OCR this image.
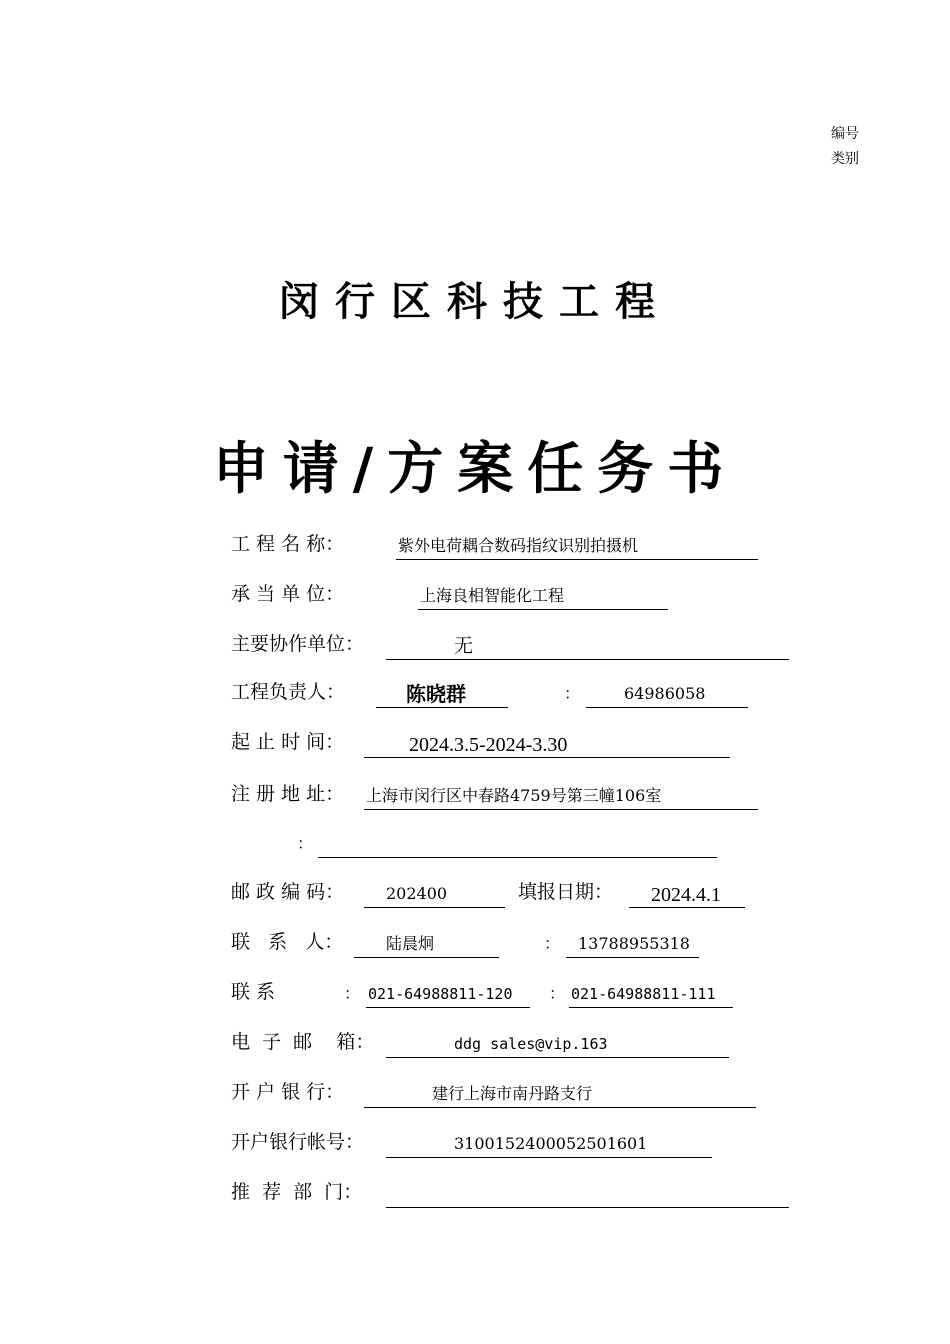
编号
类别
闵行区科技工程
申请/方案任务书
工 程 名 称：	紫外电荷耦合数码指纹识别拍摄机
承 当 单 位：	上海良相智能化工程
主要协作单位：	无
工程负责人：	陈晓群	：	64986058
起 止 时 间：	2024.3.5-2024-3.30
注 册 地 址： 上海市闵行区中春路4759号第三幢106室
：
邮 政 编 码：	202400	填报日期：	2024.4.1
联   系   人：	陆晨炯	：	13788955318
联 系	： 021-64988811-120	： 021-64988811-111
电  子  邮    箱：	ddg sales@vip.163
开 户 银 行：	建行上海市南丹路支行
开户银行帐号：	3100152400052501601
推  荐  部  门：
